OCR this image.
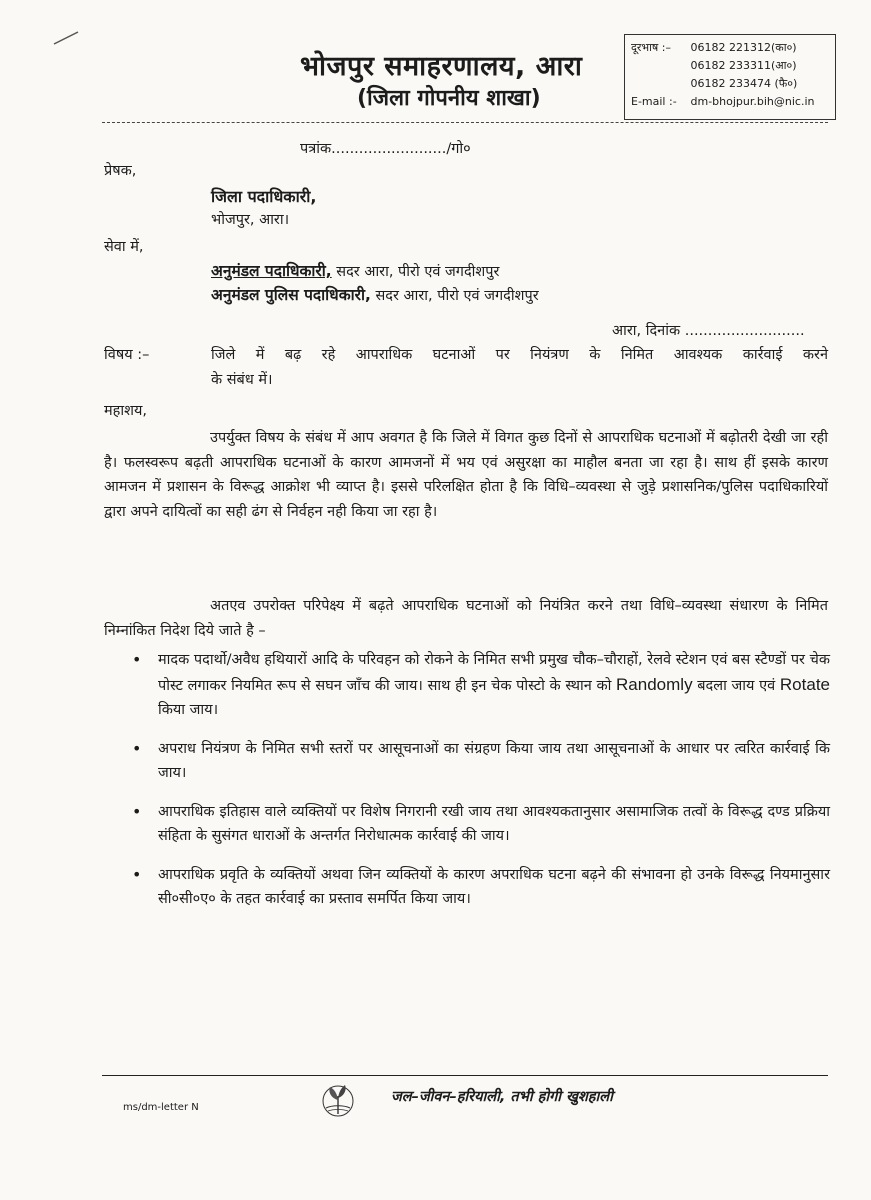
भोजपुर समाहरणालय, आरा
(जिला गोपनीय शाखा)
दूरभाष :– 06182 221312(का०)
06182 233311(आ०)
06182 233474 (फै०)
E-mail :- dm-bhojpur.bih@nic.in
पत्रांक........................./गो०
प्रेषक,
जिला पदाधिकारी,
भोजपुर, आरा।
सेवा में,
अनुमंडल पदाधिकारी, सदर आरा, पीरो एवं जगदीशपुर
अनुमंडल पुलिस पदाधिकारी, सदर आरा, पीरो एवं जगदीशपुर
आरा, दिनांक ..........................
विषय :–	जिले में बढ़ रहे आपराधिक घटनाओं पर नियंत्रण के निमित आवश्यक कार्रवाई करने
के संबंध में।
महाशय,
उपर्युक्त विषय के संबंध में आप अवगत है कि जिले में विगत कुछ दिनों से आपराधिक घटनाओं में बढ़ोतरी देखी जा रही है। फलस्वरूप बढ़ती आपराधिक घटनाओं के कारण आमजनों में भय एवं असुरक्षा का माहौल बनता जा रहा है। साथ हीं इसके कारण आमजन में प्रशासन के विरूद्ध आक्रोश भी व्याप्त है। इससे परिलक्षित होता है कि विधि–व्यवस्था से जुड़े प्रशासनिक/पुलिस पदाधिकारियों द्वारा अपने दायित्वों का सही ढंग से निर्वहन नही किया जा रहा है।
अतएव उपरोक्त परिपेक्ष्य में बढ़ते आपराधिक घटनाओं को नियंत्रित करने तथा विधि–व्यवस्था संधारण के निमित निम्नांकित निदेश दिये जाते है –
• मादक पदार्थो/अवैध हथियारों आदि के परिवहन को रोकने के निमित सभी प्रमुख चौक–चौराहों, रेलवे स्टेशन एवं बस स्टैण्डों पर चेक पोस्ट लगाकर नियमित रूप से सघन जाँच की जाय। साथ ही इन चेक पोस्टो के स्थान को Randomly बदला जाय एवं Rotate किया जाय।
• अपराध नियंत्रण के निमित सभी स्तरों पर आसूचनाओं का संग्रहण किया जाय तथा आसूचनाओं के आधार पर त्वरित कार्रवाई कि जाय।
• आपराधिक इतिहास वाले व्यक्तियों पर विशेष निगरानी रखी जाय तथा आवश्यकतानुसार असामाजिक तत्वों के विरूद्ध दण्ड प्रक्रिया संहिता के सुसंगत धाराओं के अन्तर्गत निरोधात्मक कार्रवाई की जाय।
• आपराधिक प्रवृति के व्यक्तियों अथवा जिन व्यक्तियों के कारण अपराधिक घटना बढ़ने की संभावना हो उनके विरूद्ध नियमानुसार सी०सी०ए० के तहत कार्रवाई का प्रस्ताव समर्पित किया जाय।
जल–जीवन–हरियाली, तभी होगी खुशहाली
ms/dm-letter N
